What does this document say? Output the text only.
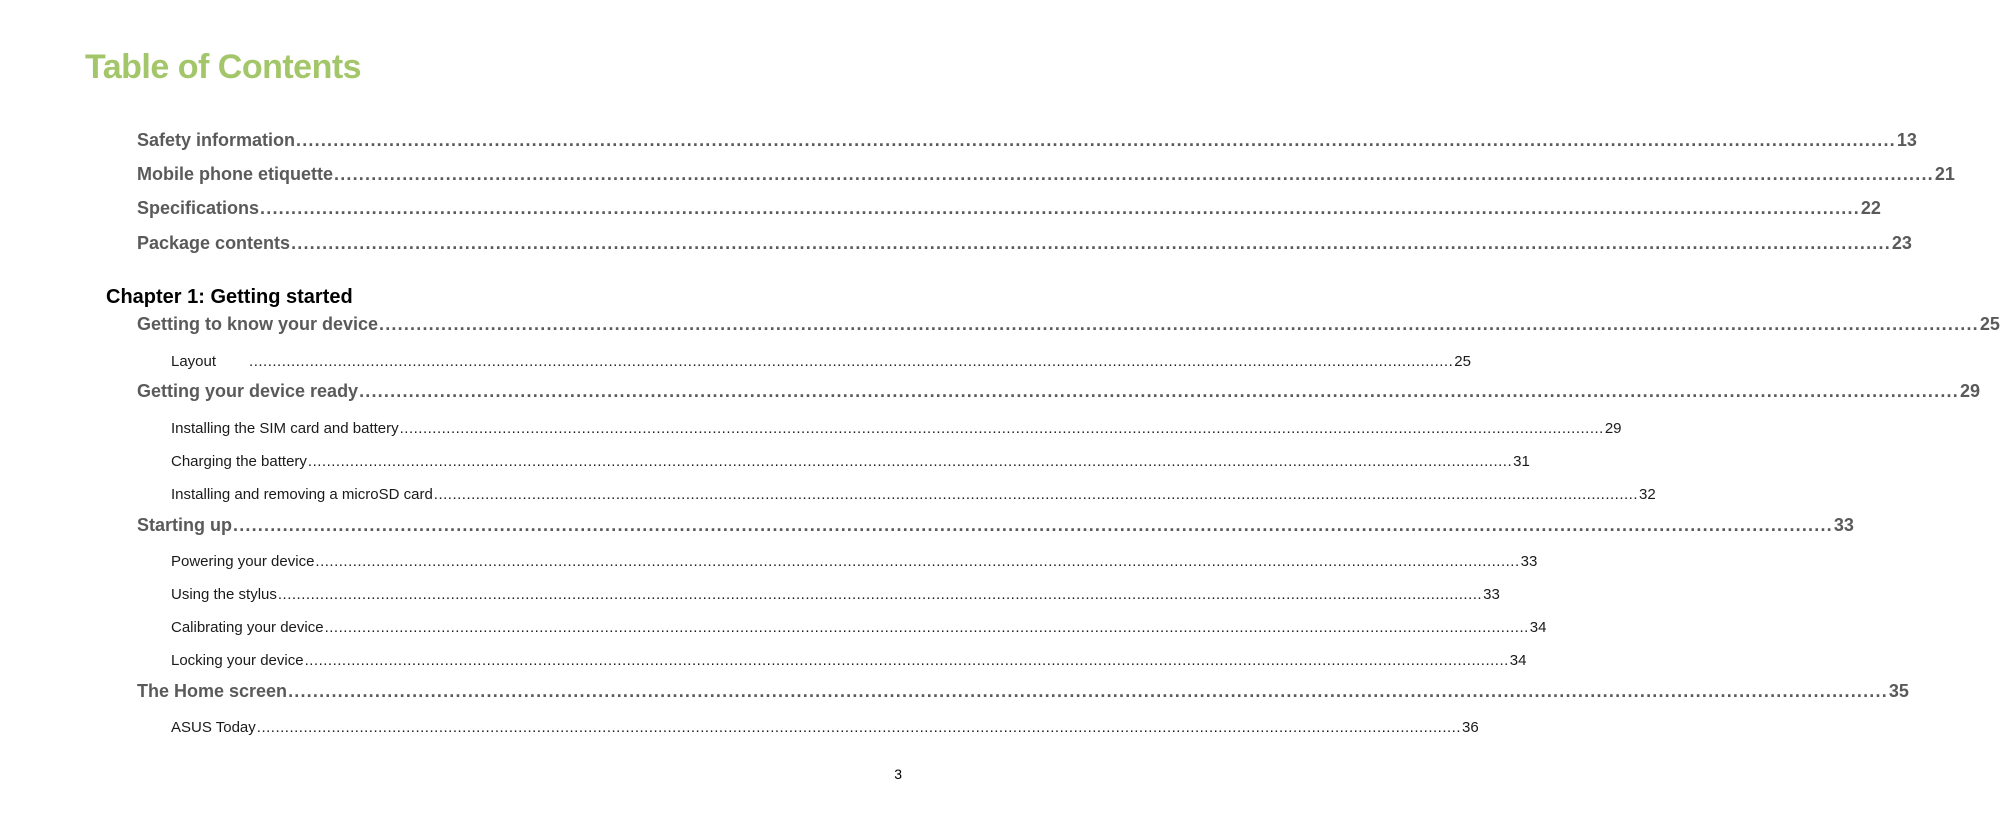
Table of Contents
Safety information .................................................................................................................................................................................................................................................................. 13
Mobile phone etiquette .................................................................................................................................................................................................................................................................. 21
Specifications .................................................................................................................................................................................................................................................................. 22
Package contents .................................................................................................................................................................................................................................................................. 23
Chapter 1: Getting started
Getting to know your device .................................................................................................................................................................................................................................................................. 25
Layout	.................................................................................................................................................................................................................................................................. 25
Getting your device ready .................................................................................................................................................................................................................................................................. 29
Installing the SIM card and battery .................................................................................................................................................................................................................................................................. 29
Charging the battery .................................................................................................................................................................................................................................................................. 31
Installing and removing a microSD card .................................................................................................................................................................................................................................................................. 32
Starting up .................................................................................................................................................................................................................................................................. 33
Powering your device .................................................................................................................................................................................................................................................................. 33
Using the stylus .................................................................................................................................................................................................................................................................. 33
Calibrating your device .................................................................................................................................................................................................................................................................. 34
Locking your device .................................................................................................................................................................................................................................................................. 34
The Home screen .................................................................................................................................................................................................................................................................. 35
ASUS Today .................................................................................................................................................................................................................................................................. 36
3
